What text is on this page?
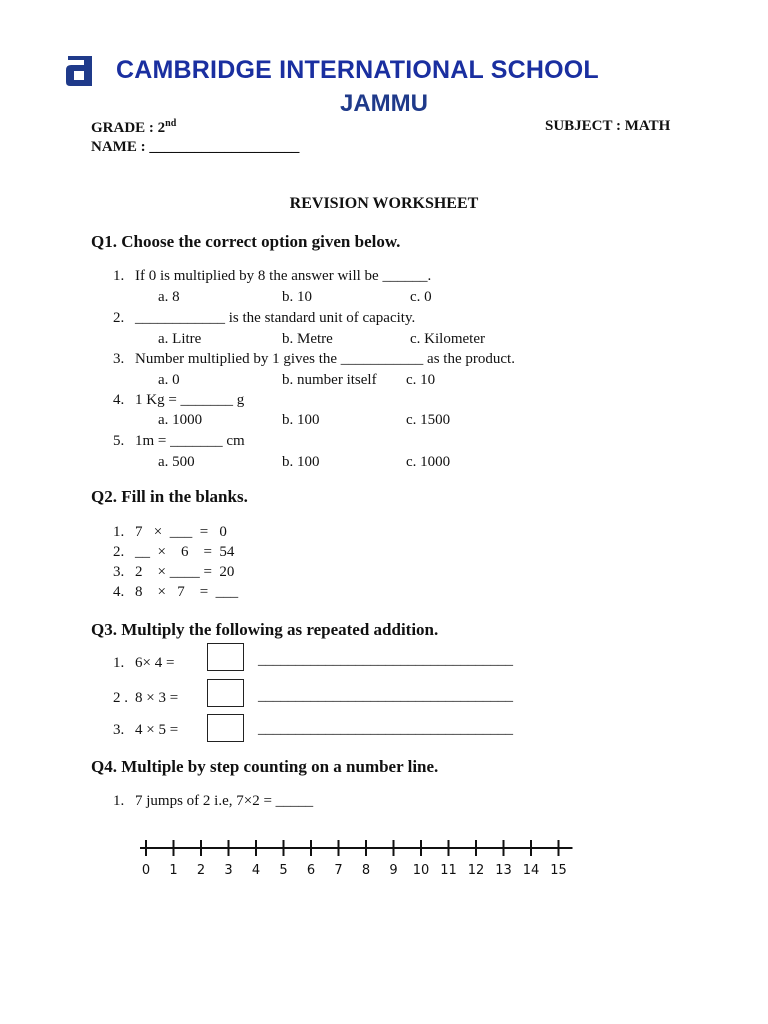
CAMBRIDGE INTERNATIONAL SCHOOL
JAMMU
GRADE : 2nd	SUBJECT : MATH
NAME : ____________________
REVISION WORKSHEET
Q1. Choose the correct option given below.
1. If 0 is multiplied by 8 the answer will be ______.
a. 8	b. 10	c. 0
2. ____________ is the standard unit of capacity.
a. Litre	b. Metre	c. Kilometer
3. Number multiplied by 1 gives the ___________ as the product.
a. 0	b. number itself c. 10
4. 1 Kg = _______ g
a. 1000	b. 100	c. 1500
5. 1m = _______ cm
a. 500	b. 100	c. 1000
Q2. Fill in the blanks.
1. 7   ×  ___  =   0
2. __  ×    6    =  54
3. 2    × ____ =  20
4. 8    ×   7    =  ___
Q3. Multiply the following as repeated addition.
1. 6× 4 =	__________________________________
2 . 8 × 3 =	__________________________________
3. 4 × 5 =	__________________________________
Q4. Multiple by step counting on a number line.
1. 7 jumps of 2 i.e, 7×2 = _____
0 1 2 3 4 5 6 7 8 9 10 11 12 13 14 15
